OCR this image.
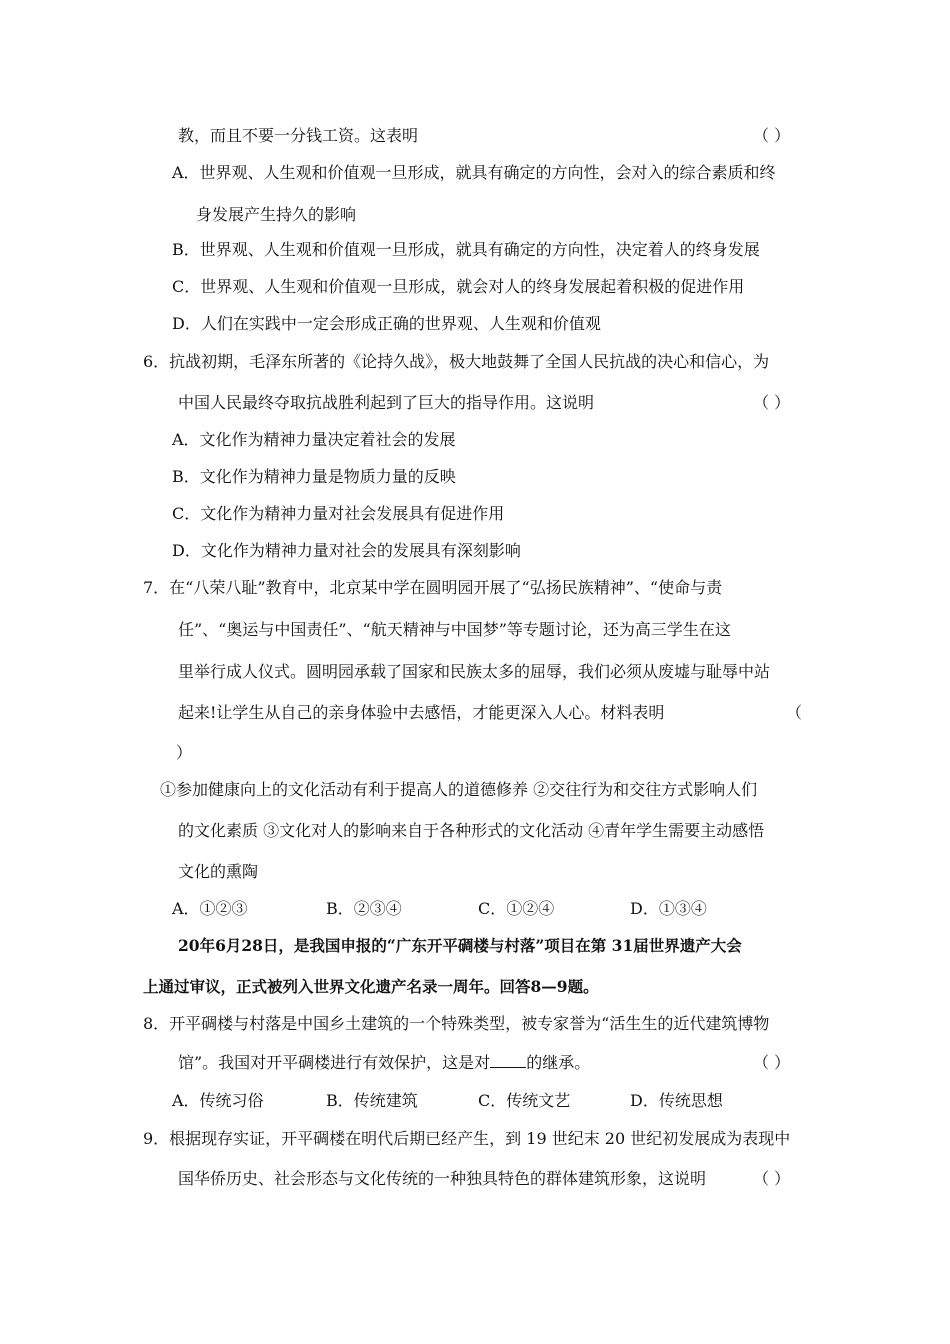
教，而且不要一分钱工资。这表明	（ ）
A．世界观、人生观和价值观一旦形成，就具有确定的方向性，会对入的综合素质和终
身发展产生持久的影响
B．世界观、人生观和价值观一旦形成，就具有确定的方向性，决定着人的终身发展
C．世界观、人生观和价值观一旦形成，就会对人的终身发展起着积极的促进作用
D．人们在实践中一定会形成正确的世界观、人生观和价值观
6．抗战初期，毛泽东所著的《论持久战》，极大地鼓舞了全国人民抗战的决心和信心，为
中国人民最终夺取抗战胜利起到了巨大的指导作用。这说明	（ ）
A．文化作为精神力量决定着社会的发展
B．文化作为精神力量是物质力量的反映
C．文化作为精神力量对社会发展具有促进作用
D．文化作为精神力量对社会的发展具有深刻影响
7．在“八荣八耻”教育中，北京某中学在圆明园开展了“弘扬民族精神”、“使命与责
任”、“奥运与中国责任”、“航天精神与中国梦”等专题讨论，还为高三学生在这
里举行成人仪式。圆明园承载了国家和民族太多的屈辱，我们必须从废墟与耻辱中站
起来!让学生从自己的亲身体验中去感悟，才能更深入人心。材料表明	（
）
①参加健康向上的文化活动有利于提高人的道德修养 ②交往行为和交往方式影响人们
的文化素质 ③文化对人的影响来自于各种形式的文化活动 ④青年学生需要主动感悟
文化的熏陶
A．①②③	B．②③④	C．①②④	D．①③④
20年6月28日，是我国申报的“广东开平碉楼与村落”项目在第 31届世界遗产大会
上通过审议，正式被列入世界文化遗产名录一周年。回答8—9题。
8．开平碉楼与村落是中国乡土建筑的一个特殊类型，被专家誉为“活生生的近代建筑博物
馆”。我国对开平碉楼进行有效保护，这是对 的继承。	（ ）
A．传统习俗	B．传统建筑	C．传统文艺	D．传统思想
9．根据现存实证，开平碉楼在明代后期已经产生，到 19 世纪末 20 世纪初发展成为表现中
国华侨历史、社会形态与文化传统的一种独具特色的群体建筑形象，这说明	（ ）
